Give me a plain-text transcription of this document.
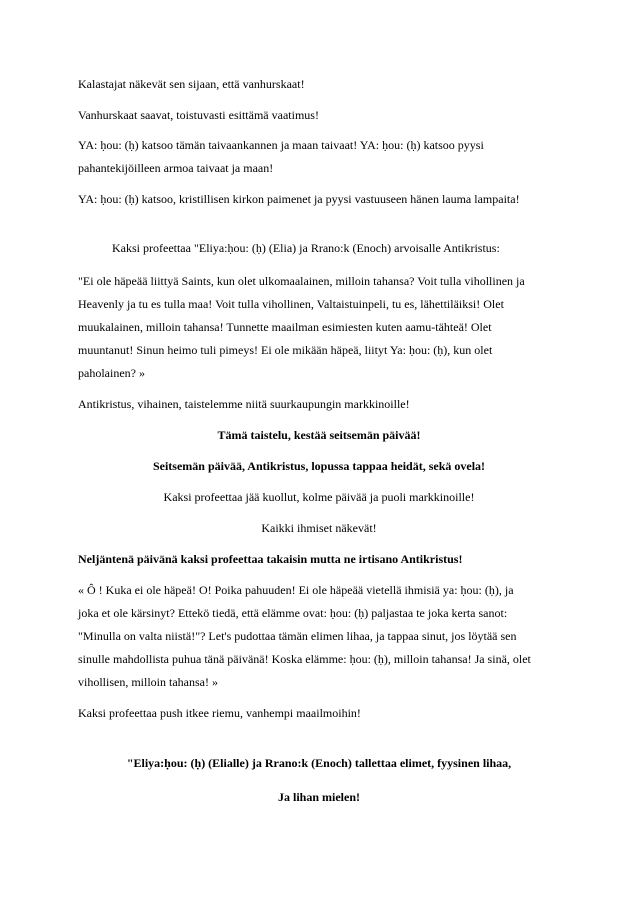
Kalastajat näkevät sen sijaan, että vanhurskaat!

Vanhurskaat saavat, toistuvasti esittämä vaatimus!

YA: ḥou: (ḥ) katsoo tämän taivaankannen ja maan taivaat! YA: ḥou: (ḥ) katsoo pyysi

pahantekijöilleen armoa taivaat ja maan!

YA: ḥou: (ḥ) katsoo, kristillisen kirkon paimenet ja pyysi vastuuseen hänen lauma lampaita!

Kaksi profeettaa "Eliya:ḥou: (ḥ) (Elia) ja Rrano:k (Enoch) arvoisalle Antikristus:

"Ei ole häpeää liittyä Saints, kun olet ulkomaalainen, milloin tahansa? Voit tulla vihollinen ja

Heavenly ja tu es tulla maa! Voit tulla vihollinen, Valtaistuinpeli, tu es, lähettiläiksi! Olet

muukalainen, milloin tahansa! Tunnette maailman esimiesten kuten aamu-tähteä! Olet

muuntanut! Sinun heimo tuli pimeys! Ei ole mikään häpeä, liityt Ya: ḥou: (ḥ), kun olet

paholainen? »

Antikristus, vihainen, taistelemme niitä suurkaupungin markkinoille!

Tämä taistelu, kestää seitsemän päivää!

Seitsemän päivää, Antikristus, lopussa tappaa heidät, sekä ovela!

Kaksi profeettaa jää kuollut, kolme päivää ja puoli markkinoille!

Kaikki ihmiset näkevät!

Neljäntenä päivänä kaksi profeettaa takaisin mutta ne irtisano Antikristus!

« Ô ! Kuka ei ole häpeä! O! Poika pahuuden! Ei ole häpeää vietellä ihmisiä ya: ḥou: (ḥ), ja

joka et ole kärsinyt? Ettekö tiedä, että elämme ovat: ḥou: (ḥ) paljastaa te joka kerta sanot:

"Minulla on valta niistä!"? Let's pudottaa tämän elimen lihaa, ja tappaa sinut, jos löytää sen

sinulle mahdollista puhua tänä päivänä! Koska elämme: ḥou: (ḥ), milloin tahansa! Ja sinä, olet

vihollisen, milloin tahansa! »

Kaksi profeettaa push itkee riemu, vanhempi maailmoihin!

"Eliya:ḥou: (ḥ) (Elialle) ja Rrano:k (Enoch) tallettaa elimet, fyysinen lihaa,

Ja lihan mielen!
